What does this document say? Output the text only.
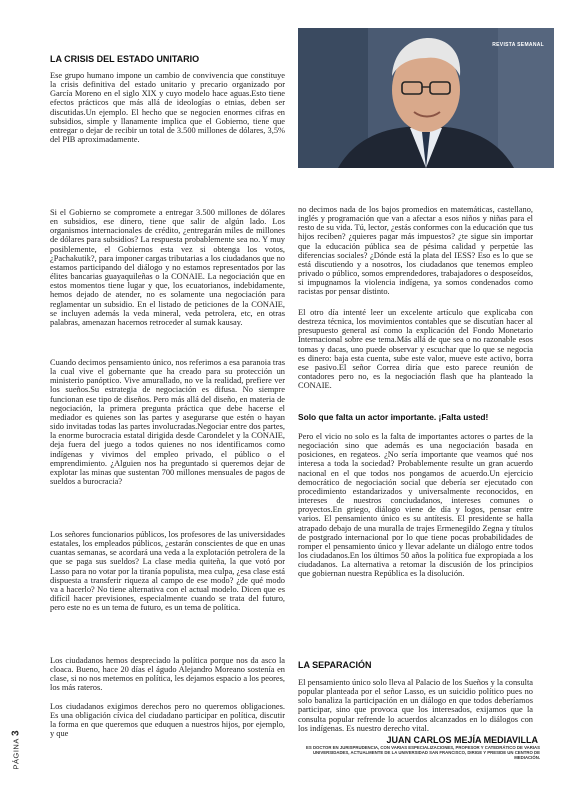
REVISTA SEMANAL
LA CRISIS DEL ESTADO UNITARIO

Ese grupo humano impone un cambio de convivencia que constituye la crisis definitiva del estado unitario y precario organizado por García Moreno en el siglo XIX y cuyo modelo hace aguas.Esto tiene efectos prácticos que más allá de ideologías o etnias, deben ser discutidas.Un ejemplo. El hecho que se negocien enormes cifras en subsidios, simple y llanamente implica que el Gobierno, tiene que entregar o dejar de recibir un total de 3.500 millones de dólares, 3,5% del PIB aproximadamente.

Si el Gobierno se compromete a entregar 3.500 millones de dólares en subsidios, ese dinero, tiene que salir de algún lado. Los organismos internacionales de crédito, ¿entregarán miles de millones de dólares para subsidios? La respuesta probablemente sea no. Y muy posiblemente, el Gobiernos esta vez si obtenga los votos, ¿Pachakutik?, para imponer cargas tributarias a los ciudadanos que no estamos participando del diálogo y no estamos representados por las élites bancarias guayaquileñas o la CONAIE. La negociación que en estos momentos tiene lugar y que, los ecuatorianos, indebidamente, hemos dejado de atender, no es solamente una negociación para reglamentar un subsidio. En el listado de peticiones de la CONAIE, se incluyen además la veda mineral, veda petrolera, etc, en otras palabras, amenazan hacernos retroceder al sumak kausay.

Cuando decimos pensamiento único, nos referimos a esa paranoia tras la cual vive el gobernante que ha creado para su protección un ministerio panóptico. Vive amurallado, no ve la realidad, prefiere ver los sueños.Su estrategia de negociación es difusa. No siempre funcionan ese tipo de diseños. Pero más allá del diseño, en materia de negociación, la primera pregunta práctica que debe hacerse el mediador es quienes son las partes y asegurarse que estén o hayan sido invitadas todas las partes involucradas.Negociar entre dos partes, la enorme burocracia estatal dirigida desde Carondelet y la CONAIE, deja fuera del juego a todos quienes no nos identificamos como indígenas y vivimos del empleo privado, el público o el emprendimiento. ¿Alguien nos ha preguntado si queremos dejar de explotar las minas que sustentan 700 millones mensuales de pagos de sueldos a burocracia?

Los señores funcionarios públicos, los profesores de las universidades estatales, los empleados públicos, ¿estarán conscientes de que en unas cuantas semanas, se acordará una veda a la explotación petrolera de la que se paga sus sueldos? La clase media quiteña, la que votó por Lasso para no votar por la tiranía populista, mea culpa, ¿esa clase está dispuesta a transferir riqueza al campo de ese modo? ¿de qué modo va a hacerlo? No tiene alternativa con el actual modelo. Dicen que es difícil hacer previsiones, especialmente cuando se trata del futuro, pero este no es un tema de futuro, es un tema de política.

Los ciudadanos hemos despreciado la política porque nos da asco la cloaca. Bueno, hace 20 días el águdo Alejandro Moreano sostenía en clase, si no nos metemos en política, les dejamos espacio a los peores, los más rateros.

Los ciudadanos exigimos derechos pero no queremos obligaciones. Es una obligación cívica del ciudadano participar en política, discutir la forma en que queremos que eduquen a nuestros hijos, por ejemplo, y que

no decimos nada de los bajos promedios en matemáticas, castellano, inglés y programación que van a afectar a esos niños y niñas para el resto de su vida. Tú, lector, ¿estás conformes con la educación que tus hijos reciben? ¿quieres pagar más impuestos? ¿te sigue sin importar que la educación pública sea de pésima calidad y perpetúe las diferencias sociales? ¿Dónde está la plata del IESS? Eso es lo que se está discutiendo y a nosotros, los ciudadanos que tenemos empleo privado o público, somos emprendedores, trabajadores o desposeídos, si impugnamos la violencia indígena, ya somos condenados como racistas por pensar distinto.

El otro día intenté leer un excelente artículo que explicaba con destreza técnica, los movimientos contables que se discutían hacer al presupuesto general así como la explicación del Fondo Monetario Internacional sobre ese tema.Más allá de que sea o no razonable esos tomas y dacas, uno puede observar y escuchar que lo que se negocia es dinero: baja esta cuenta, sube este valor, mueve este activo, borra ese pasivo.El señor Correa diría que esto parece reunión de contadores pero no, es la negociación flash que ha planteado la CONAIE.

Solo que falta un actor importante. ¡Falta usted!

Pero el vicio no solo es la falta de importantes actores o partes de la negociación sino que además es una negociación basada en posiciones, en regateos. ¿No sería importante que veamos qué nos interesa a toda la sociedad? Probablemente resulte un gran acuerdo nacional en el que todos nos pongamos de acuerdo.Un ejercicio democrático de negociación social que debería ser ejecutado con procedimiento estandarizados y universalmente reconocidos, en intereses de nuestros conciudadanos, intereses comunes o proyectos.En griego, diálogo viene de día y logos, pensar entre varios. El pensamiento único es su antítesis. El presidente se halla atrapado debajo de una muralla de trajes Ermenegildo Zegna y títulos de postgrado internacional por lo que tiene pocas probabilidades de romper el pensamiento único y llevar adelante un diálogo entre todos los ciudadanos.En los últimos 50 años la política fue expropiada a los ciudadanos. La alternativa a retomar la discusión de los principios que gobiernan nuestra República es la disolución.

LA SEPARACIÓN

El pensamiento único solo lleva al Palacio de los Sueños y la consulta popular planteada por el señor Lasso, es un suicidio político pues no solo banaliza la participación en un diálogo en que todos deberíamos participar, sino que provoca que los interesados, exijamos que la consulta popular refrende lo acuerdos alcanzados en lo diálogos con los indígenas. Es nuestro derecho vital.

PÁGINA 3
JUAN CARLOS MEJÍA MEDIAVILLA
ES DOCTOR EN JURISPRUDENCIA, CON VARIAS ESPECIALIZACIONES, PROFESOR Y CATEDRÁTICO DE VARIAS UNIVERSIDADES, ACTUALMENTE DE LA UNIVERSIDAD SAN FRANCISCO, DIRIGE Y PRESIDE UN CENTRO DE MEDIACIÓN.
